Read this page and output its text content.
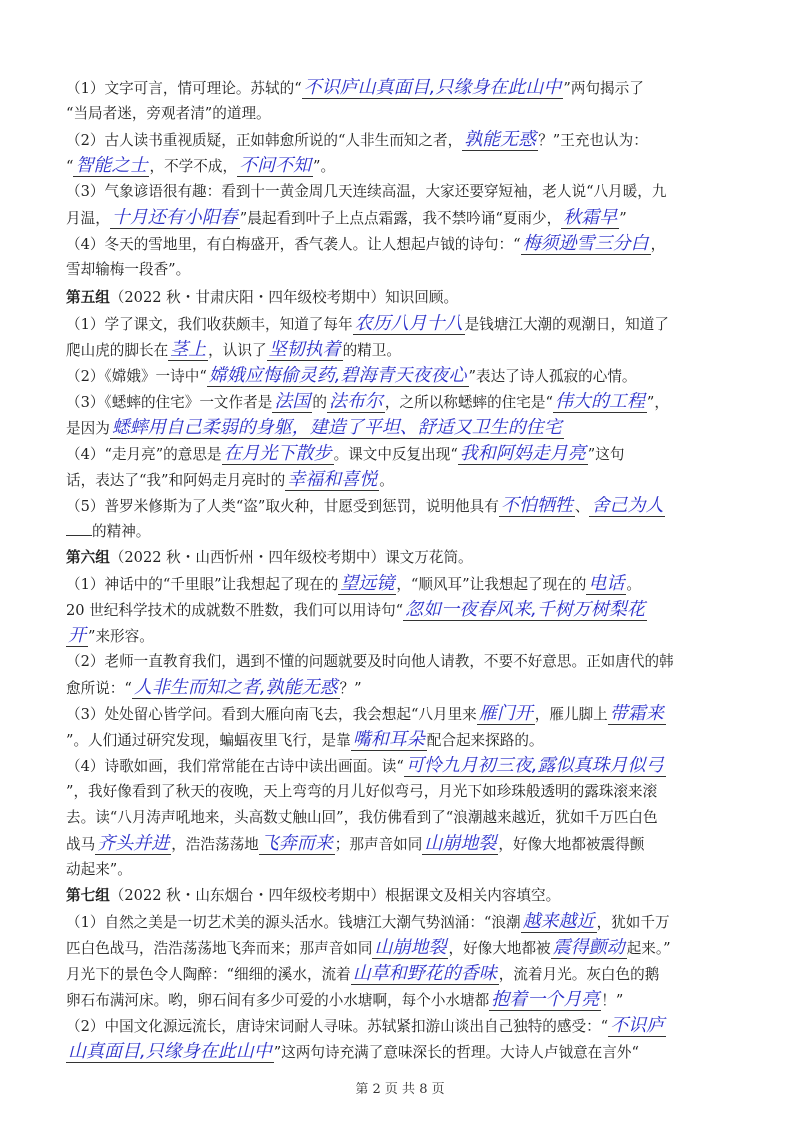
（1）文字可言，情可理论。苏轼的“ 不识庐山真面目,只缘身在此山中 ”两句揭示了
“当局者迷，旁观者清”的道理。
（2）古人读书重视质疑，正如韩愈所说的“人非生而知之者， 孰能无惑 ？”王充也认为：
“ 智能之士 ，不学不成， 不问不知 ”。
（3）气象谚语很有趣：看到十一黄金周几天连续高温，大家还要穿短袖，老人说“八月暖，九
月温， 十月还有小阳春 ”晨起看到叶子上点点霜露，我不禁吟诵“夏雨少， 秋霜早 ”
（4）冬天的雪地里，有白梅盛开，香气袭人。让人想起卢钺的诗句：“ 梅须逊雪三分白 ，
雪却输梅一段香”。
第五组（2022 秋・甘肃庆阳・四年级校考期中）知识回顾。
（1）学了课文，我们收获颇丰，知道了每年 农历八月十八 是钱塘江大潮的观潮日，知道了
爬山虎的脚长在 茎上 ，认识了 坚韧执着 的精卫。
（2）《嫦娥》一诗中“ 嫦娥应悔偷灵药,碧海青天夜夜心 ”表达了诗人孤寂的心情。
（3）《蟋蟀的住宅》一文作者是 法国 的 法布尔 ，之所以称蟋蟀的住宅是“ 伟大的工程 ”，
是因为 蟋蟀用自己柔弱的身躯，建造了平坦、舒适又卫生的住宅
（4）“走月亮”的意思是 在月光下散步 。课文中反复出现“ 我和阿妈走月亮 ”这句
话，表达了“我”和阿妈走月亮时的 幸福和喜悦 。
（5）普罗米修斯为了人类“盗”取火种，甘愿受到惩罚，说明他具有 不怕牺牲 、 舍己为人
的精神。
第六组（2022 秋・山西忻州・四年级校考期中）课文万花筒。
（1）神话中的“千里眼”让我想起了现在的 望远镜 ，“顺风耳”让我想起了现在的 电话 。
20 世纪科学技术的成就数不胜数，我们可以用诗句“ 忽如一夜春风来,千树万树梨花
开 ”来形容。
（2）老师一直教育我们，遇到不懂的问题就要及时向他人请教，不要不好意思。正如唐代的韩
愈所说：“ 人非生而知之者,孰能无惑 ？”
（3）处处留心皆学问。看到大雁向南飞去，我会想起“八月里来 雁门开 ，雁儿脚上 带霜来
”。人们通过研究发现，蝙蝠夜里飞行，是靠 嘴和耳朵 配合起来探路的。
（4）诗歌如画，我们常常能在古诗中读出画面。读“ 可怜九月初三夜,露似真珠月似弓
”，我好像看到了秋天的夜晚，天上弯弯的月儿好似弯弓，月光下如珍珠般透明的露珠滚来滚
去。读“八月涛声吼地来，头高数丈触山回”，我仿佛看到了“浪潮越来越近，犹如千万匹白色
战马 齐头并进 ，浩浩荡荡地 飞奔而来 ；那声音如同 山崩地裂 ，好像大地都被震得颤
动起来”。
第七组（2022 秋・山东烟台・四年级校考期中）根据课文及相关内容填空。
（1）自然之美是一切艺术美的源头活水。钱塘江大潮气势汹涌：“浪潮 越来越近 ，犹如千万
匹白色战马，浩浩荡荡地飞奔而来；那声音如同 山崩地裂 ，好像大地都被 震得颤动 起来。”
月光下的景色令人陶醉：“细细的溪水，流着 山草和野花的香味 ，流着月光。灰白色的鹅
卵石布满河床。哟，卵石间有多少可爱的小水塘啊，每个小水塘都 抱着一个月亮 ！”
（2）中国文化源远流长，唐诗宋词耐人寻味。苏轼紧扣游山谈出自己独特的感受：“ 不识庐
山真面目,只缘身在此山中 ”这两句诗充满了意味深长的哲理。大诗人卢钺意在言外“
第 2 页 共 8 页
